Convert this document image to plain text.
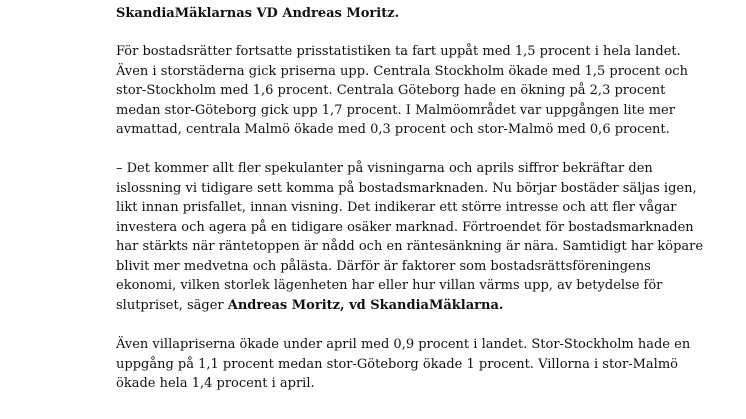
SkandiaMäklarnas VD Andreas Moritz.
För bostadsrätter fortsatte prisstatistiken ta fart uppåt med 1,5 procent i hela landet.
Även i storstäderna gick priserna upp. Centrala Stockholm ökade med 1,5 procent och
stor-Stockholm med 1,6 procent. Centrala Göteborg hade en ökning på 2,3 procent
medan stor-Göteborg gick upp 1,7 procent. I Malmöområdet var uppgången lite mer
avmattad, centrala Malmö ökade med 0,3 procent och stor-Malmö med 0,6 procent.
– Det kommer allt fler spekulanter på visningarna och aprils siffror bekräftar den
islossning vi tidigare sett komma på bostadsmarknaden. Nu börjar bostäder säljas igen,
likt innan prisfallet, innan visning. Det indikerar ett större intresse och att fler vågar
investera och agera på en tidigare osäker marknad. Förtroendet för bostadsmarknaden
har stärkts när räntetoppen är nådd och en räntesänkning är nära. Samtidigt har köpare
blivit mer medvetna och pålästa. Därför är faktorer som bostadsrättsföreningens
ekonomi, vilken storlek lägenheten har eller hur villan värms upp, av betydelse för
slutpriset, säger Andreas Moritz, vd SkandiaMäklarna.
Även villapriserna ökade under april med 0,9 procent i landet. Stor-Stockholm hade en
uppgång på 1,1 procent medan stor-Göteborg ökade 1 procent. Villorna i stor-Malmö
ökade hela 1,4 procent i april.
